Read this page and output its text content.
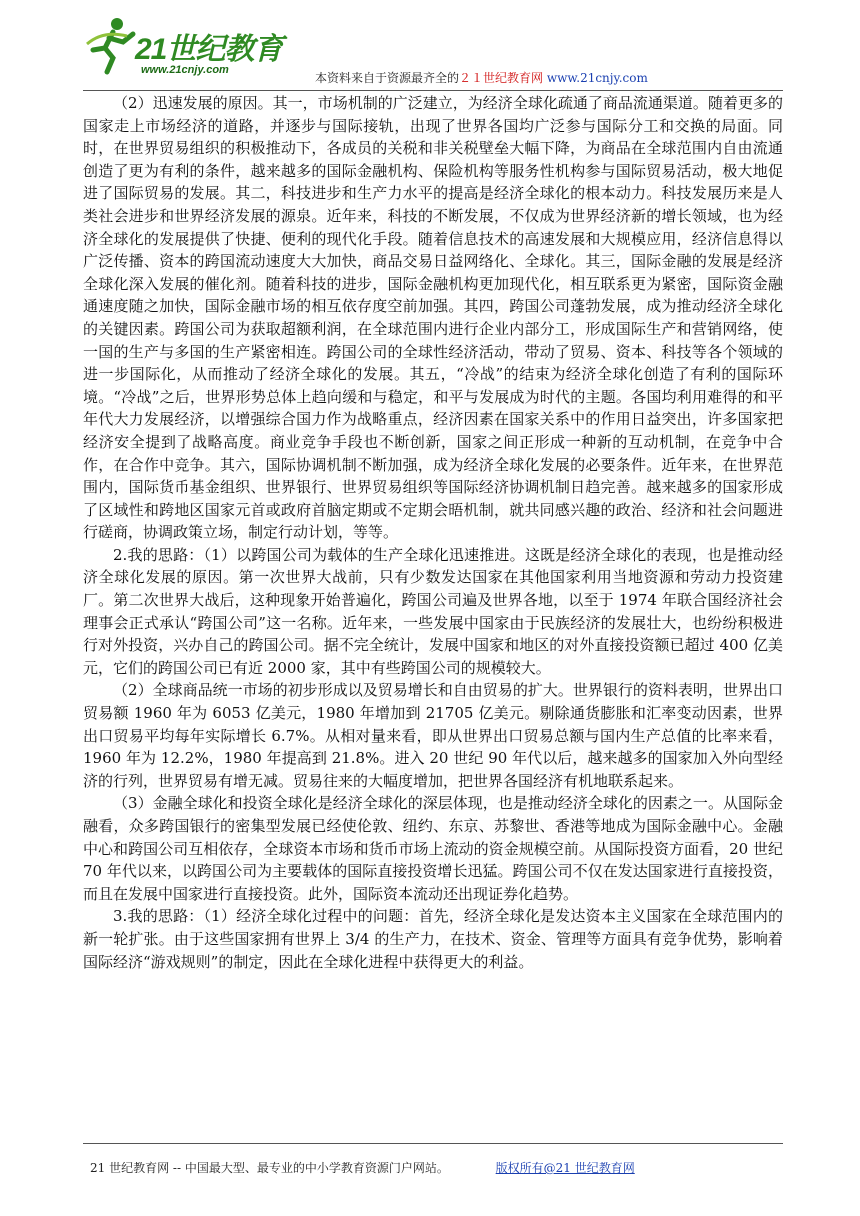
21世纪教育
www.21cnjy.com
本资料来自于资源最齐全的２１世纪教育网 www.21cnjy.com

（2）迅速发展的原因。其一，市场机制的广泛建立，为经济全球化疏通了商品流通渠道。随着更多的国家走上市场经济的道路，并逐步与国际接轨，出现了世界各国均广泛参与国际分工和交换的局面。同时，在世界贸易组织的积极推动下，各成员的关税和非关税壁垒大幅下降，为商品在全球范围内自由流通创造了更为有利的条件，越来越多的国际金融机构、保险机构等服务性机构参与国际贸易活动，极大地促进了国际贸易的发展。其二，科技进步和生产力水平的提高是经济全球化的根本动力。科技发展历来是人类社会进步和世界经济发展的源泉。近年来，科技的不断发展，不仅成为世界经济新的增长领域，也为经济全球化的发展提供了快捷、便利的现代化手段。随着信息技术的高速发展和大规模应用，经济信息得以广泛传播、资本的跨国流动速度大大加快，商品交易日益网络化、全球化。其三，国际金融的发展是经济全球化深入发展的催化剂。随着科技的进步，国际金融机构更加现代化，相互联系更为紧密，国际资金融通速度随之加快，国际金融市场的相互依存度空前加强。其四，跨国公司蓬勃发展，成为推动经济全球化的关键因素。跨国公司为获取超额利润，在全球范围内进行企业内部分工，形成国际生产和营销网络，使一国的生产与多国的生产紧密相连。跨国公司的全球性经济活动，带动了贸易、资本、科技等各个领域的进一步国际化，从而推动了经济全球化的发展。其五，“冷战”的结束为经济全球化创造了有利的国际环境。“冷战”之后，世界形势总体上趋向缓和与稳定，和平与发展成为时代的主题。各国均利用难得的和平年代大力发展经济，以增强综合国力作为战略重点，经济因素在国家关系中的作用日益突出，许多国家把经济安全提到了战略高度。商业竞争手段也不断创新，国家之间正形成一种新的互动机制，在竞争中合作，在合作中竞争。其六，国际协调机制不断加强，成为经济全球化发展的必要条件。近年来，在世界范围内，国际货币基金组织、世界银行、世界贸易组织等国际经济协调机制日趋完善。越来越多的国家形成了区域性和跨地区国家元首或政府首脑定期或不定期会晤机制，就共同感兴趣的政治、经济和社会问题进行磋商，协调政策立场，制定行动计划，等等。

2.我的思路：（1）以跨国公司为载体的生产全球化迅速推进。这既是经济全球化的表现，也是推动经济全球化发展的原因。第一次世界大战前，只有少数发达国家在其他国家利用当地资源和劳动力投资建厂。第二次世界大战后，这种现象开始普遍化，跨国公司遍及世界各地，以至于 1974 年联合国经济社会理事会正式承认“跨国公司”这一名称。近年来，一些发展中国家由于民族经济的发展壮大，也纷纷积极进行对外投资，兴办自己的跨国公司。据不完全统计，发展中国家和地区的对外直接投资额已超过 400 亿美元，它们的跨国公司已有近 2000 家，其中有些跨国公司的规模较大。

（2）全球商品统一市场的初步形成以及贸易增长和自由贸易的扩大。世界银行的资料表明，世界出口贸易额 1960 年为 6053 亿美元，1980 年增加到 21705 亿美元。剔除通货膨胀和汇率变动因素，世界出口贸易平均每年实际增长 6.7%。从相对量来看，即从世界出口贸易总额与国内生产总值的比率来看，1960 年为 12.2%，1980 年提高到 21.8%。进入 20 世纪 90 年代以后，越来越多的国家加入外向型经济的行列，世界贸易有增无减。贸易往来的大幅度增加，把世界各国经济有机地联系起来。

（3）金融全球化和投资全球化是经济全球化的深层体现，也是推动经济全球化的因素之一。从国际金融看，众多跨国银行的密集型发展已经使伦敦、纽约、东京、苏黎世、香港等地成为国际金融中心。金融中心和跨国公司互相依存，全球资本市场和货币市场上流动的资金规模空前。从国际投资方面看，20 世纪 70 年代以来，以跨国公司为主要载体的国际直接投资增长迅猛。跨国公司不仅在发达国家进行直接投资，而且在发展中国家进行直接投资。此外，国际资本流动还出现证券化趋势。

3.我的思路：（1）经济全球化过程中的问题：首先，经济全球化是发达资本主义国家在全球范围内的新一轮扩张。由于这些国家拥有世界上 3/4 的生产力，在技术、资金、管理等方面具有竞争优势，影响着国际经济“游戏规则”的制定，因此在全球化进程中获得更大的利益。

21 世纪教育网 -- 中国最大型、最专业的中小学教育资源门户网站。	版权所有@21 世纪教育网
